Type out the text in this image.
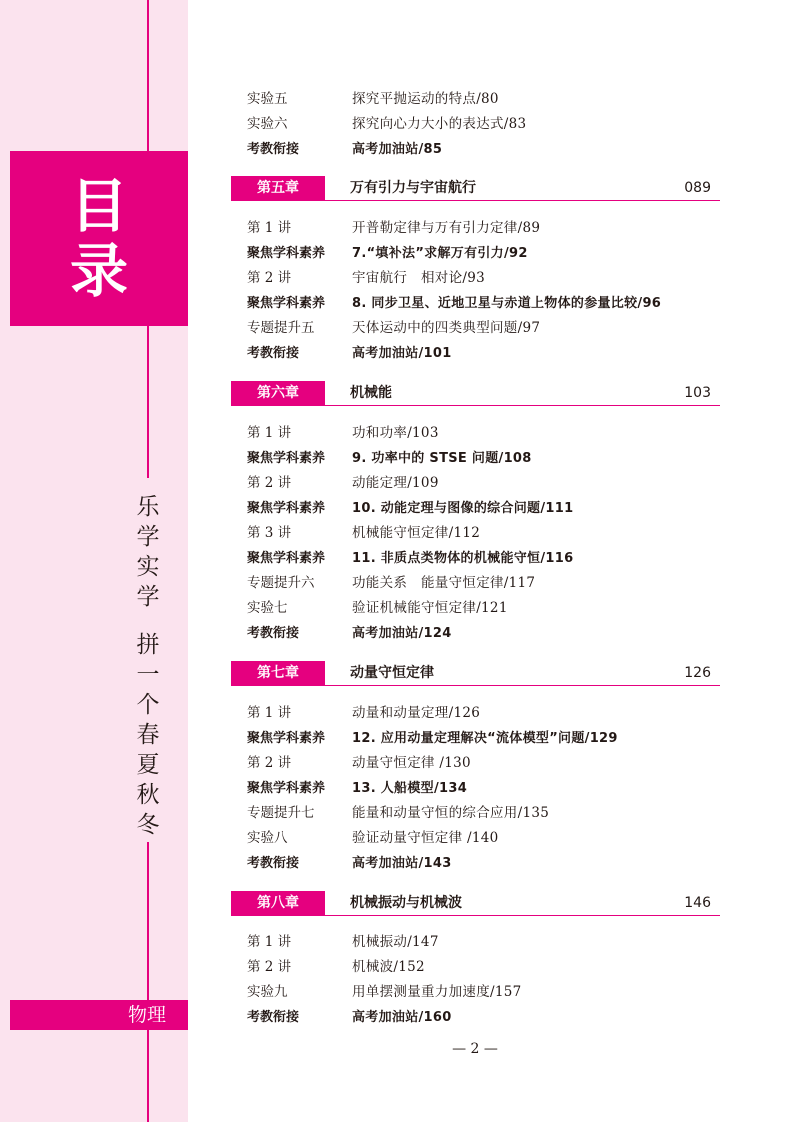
目
录
乐
学
实
学
拼
一
个
春
夏
秋
冬
物理
实验五	探究平抛运动的特点/80
实验六	探究向心力大小的表达式/83
考教衔接	高考加油站/85
第五章	万有引力与宇宙航行	089
第 1 讲	开普勒定律与万有引力定律/89
聚焦学科素养 7.“填补法”求解万有引力/92
第 2 讲	宇宙航行　相对论/93
聚焦学科素养 8. 同步卫星、近地卫星与赤道上物体的参量比较/96
专题提升五	天体运动中的四类典型问题/97
考教衔接	高考加油站/101
第六章	机械能	103
第 1 讲	功和功率/103
聚焦学科素养 9. 功率中的 STSE 问题/108
第 2 讲	动能定理/109
聚焦学科素养 10. 动能定理与图像的综合问题/111
第 3 讲	机械能守恒定律/112
聚焦学科素养 11. 非质点类物体的机械能守恒/116
专题提升六	功能关系　能量守恒定律/117
实验七	验证机械能守恒定律/121
考教衔接	高考加油站/124
第七章	动量守恒定律	126
第 1 讲	动量和动量定理/126
聚焦学科素养 12. 应用动量定理解决“流体模型”问题/129
第 2 讲	动量守恒定律 /130
聚焦学科素养 13. 人船模型/134
专题提升七	能量和动量守恒的综合应用/135
实验八	验证动量守恒定律 /140
考教衔接	高考加油站/143
第八章	机械振动与机械波	146
第 1 讲	机械振动/147
第 2 讲	机械波/152
实验九	用单摆测量重力加速度/157
考教衔接	高考加油站/160
— 2 —
